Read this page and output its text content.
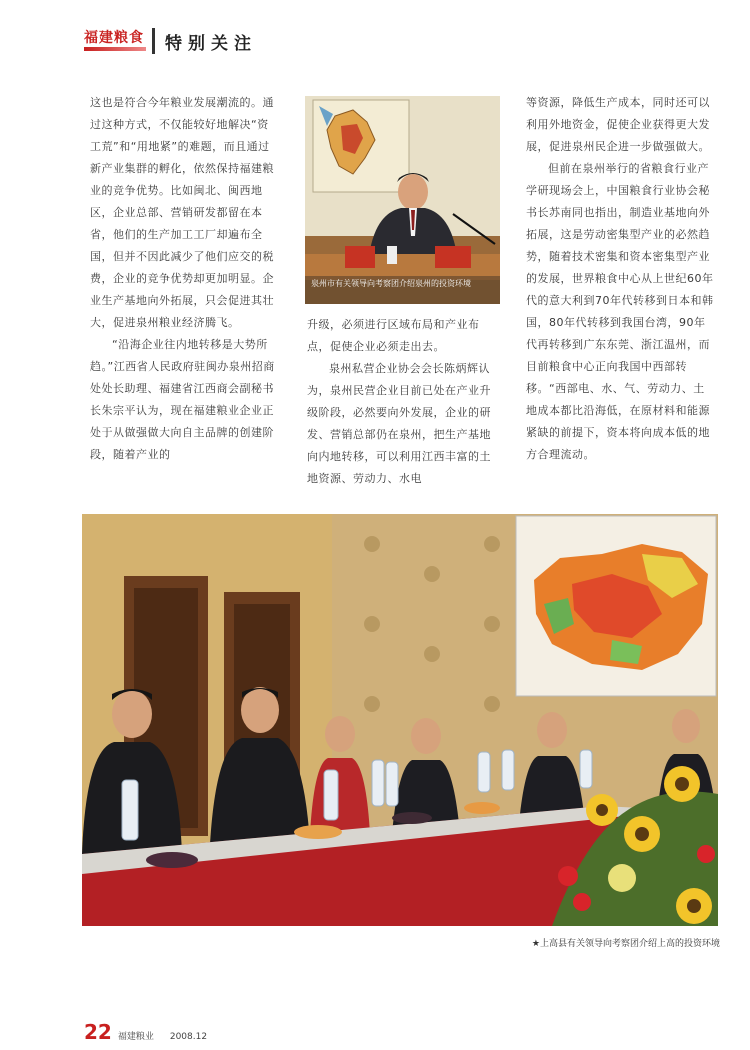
福建粮食 特别关注

这也是符合今年粮业发展潮流的。通过这种方式，不仅能较好地解决“资工荒”和“用地紧”的难题，而且通过新产业集群的孵化，依然保持福建粮业的竞争优势。比如闽北、闽西地区，企业总部、营销研发都留在本省，他们的生产加工工厂却遍布全国，但并不因此减少了他们应交的税费，企业的竞争优势却更加明显。企业生产基地向外拓展，只会促进其壮大，促进泉州粮业经济腾飞。

“沿海企业往内地转移是大势所趋。”江西省人民政府驻闽办泉州招商处处长助理、福建省江西商会副秘书长朱宗平认为，现在福建粮业企业正处于从做强做大向自主品牌的创建阶段，随着产业的

泉州市有关领导向考察团介绍泉州的投资环境

升级，必须进行区域布局和产业布点，促使企业必须走出去。

泉州私营企业协会会长陈炳辉认为，泉州民营企业目前已处在产业升级阶段，必然要向外发展，企业的研发、营销总部仍在泉州，把生产基地向内地转移，可以利用江西丰富的土地资源、劳动力、水电

等资源，降低生产成本，同时还可以利用外地资金，促使企业获得更大发展，促进泉州民企进一步做强做大。

但前在泉州举行的省粮食行业产学研现场会上，中国粮食行业协会秘书长苏南同也指出，制造业基地向外拓展，这是劳动密集型产业的必然趋势，随着技术密集和资本密集型产业的发展，世界粮食中心从上世纪60年代的意大利到70年代转移到日本和韩国，80年代转移到我国台湾，90年代再转移到广东东莞、浙江温州，而目前粮食中心正向我国中西部转移。“西部电、水、气、劳动力、土地成本都比沿海低，在原材料和能源紧缺的前提下，资本将向成本低的地方合理流动。

★上高县有关领导向考察团介绍上高的投资环境
22 福建粮业 2008.12
